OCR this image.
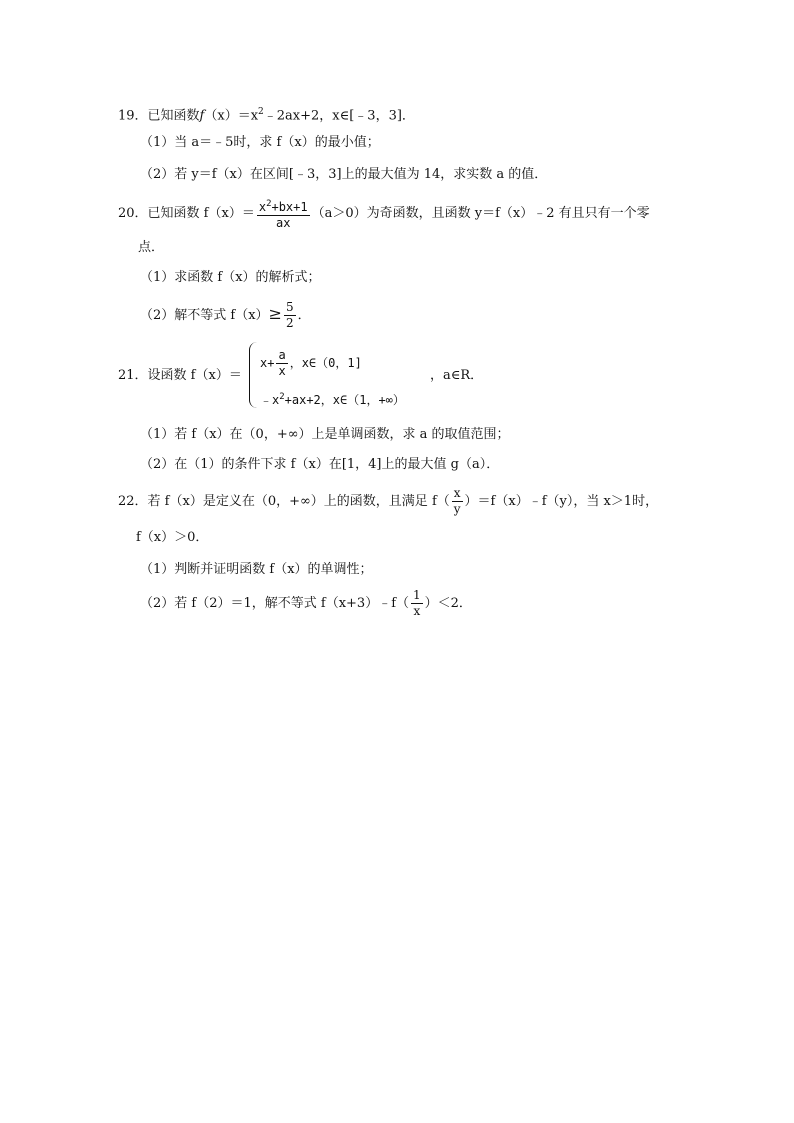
19．已知函数$f(x)=x^2﹣2ax+2$，x∈[﹣3，3]．
（1）当 a＝﹣5时，求 f（x）的最小值；
（2）若 y＝f（x）在区间[﹣3，3]上的最大值为 14，求实数 a 的值．
20．已知函数 $f(x)= \frac{x^2+bx+1}{ax} (a>0)$为奇函数，且函数 y＝f（x）﹣2 有且只有一个零
点．
（1）求函数 f（x）的解析式；
（2）解不等式 $f(x)\ge \frac{5}{2}$ ．
21．设函数 f（x）＝
$x+ \frac{a}{x}$ ，x∈（0，1]
$﹣x^2+ax+2$，x∈（1，+∞）
，a∈R．
（1）若 f（x）在（0，+∞）上是单调函数，求 a 的取值范围；
（2）在（1）的条件下求 f（x）在[1，4]上的最大值 g（a）．
22．若 f（x）是定义在（0，+∞）上的函数，且满足 $f( \frac{x}{y}$ ）＝f（x）﹣f（y），当 x＞1时，
f（x）＞0．
（1）判断并证明函数 f（x）的单调性；
（2）若 f（2）＝1，解不等式 f（x+3）﹣f（ $\frac{1}{x} )<2$．
